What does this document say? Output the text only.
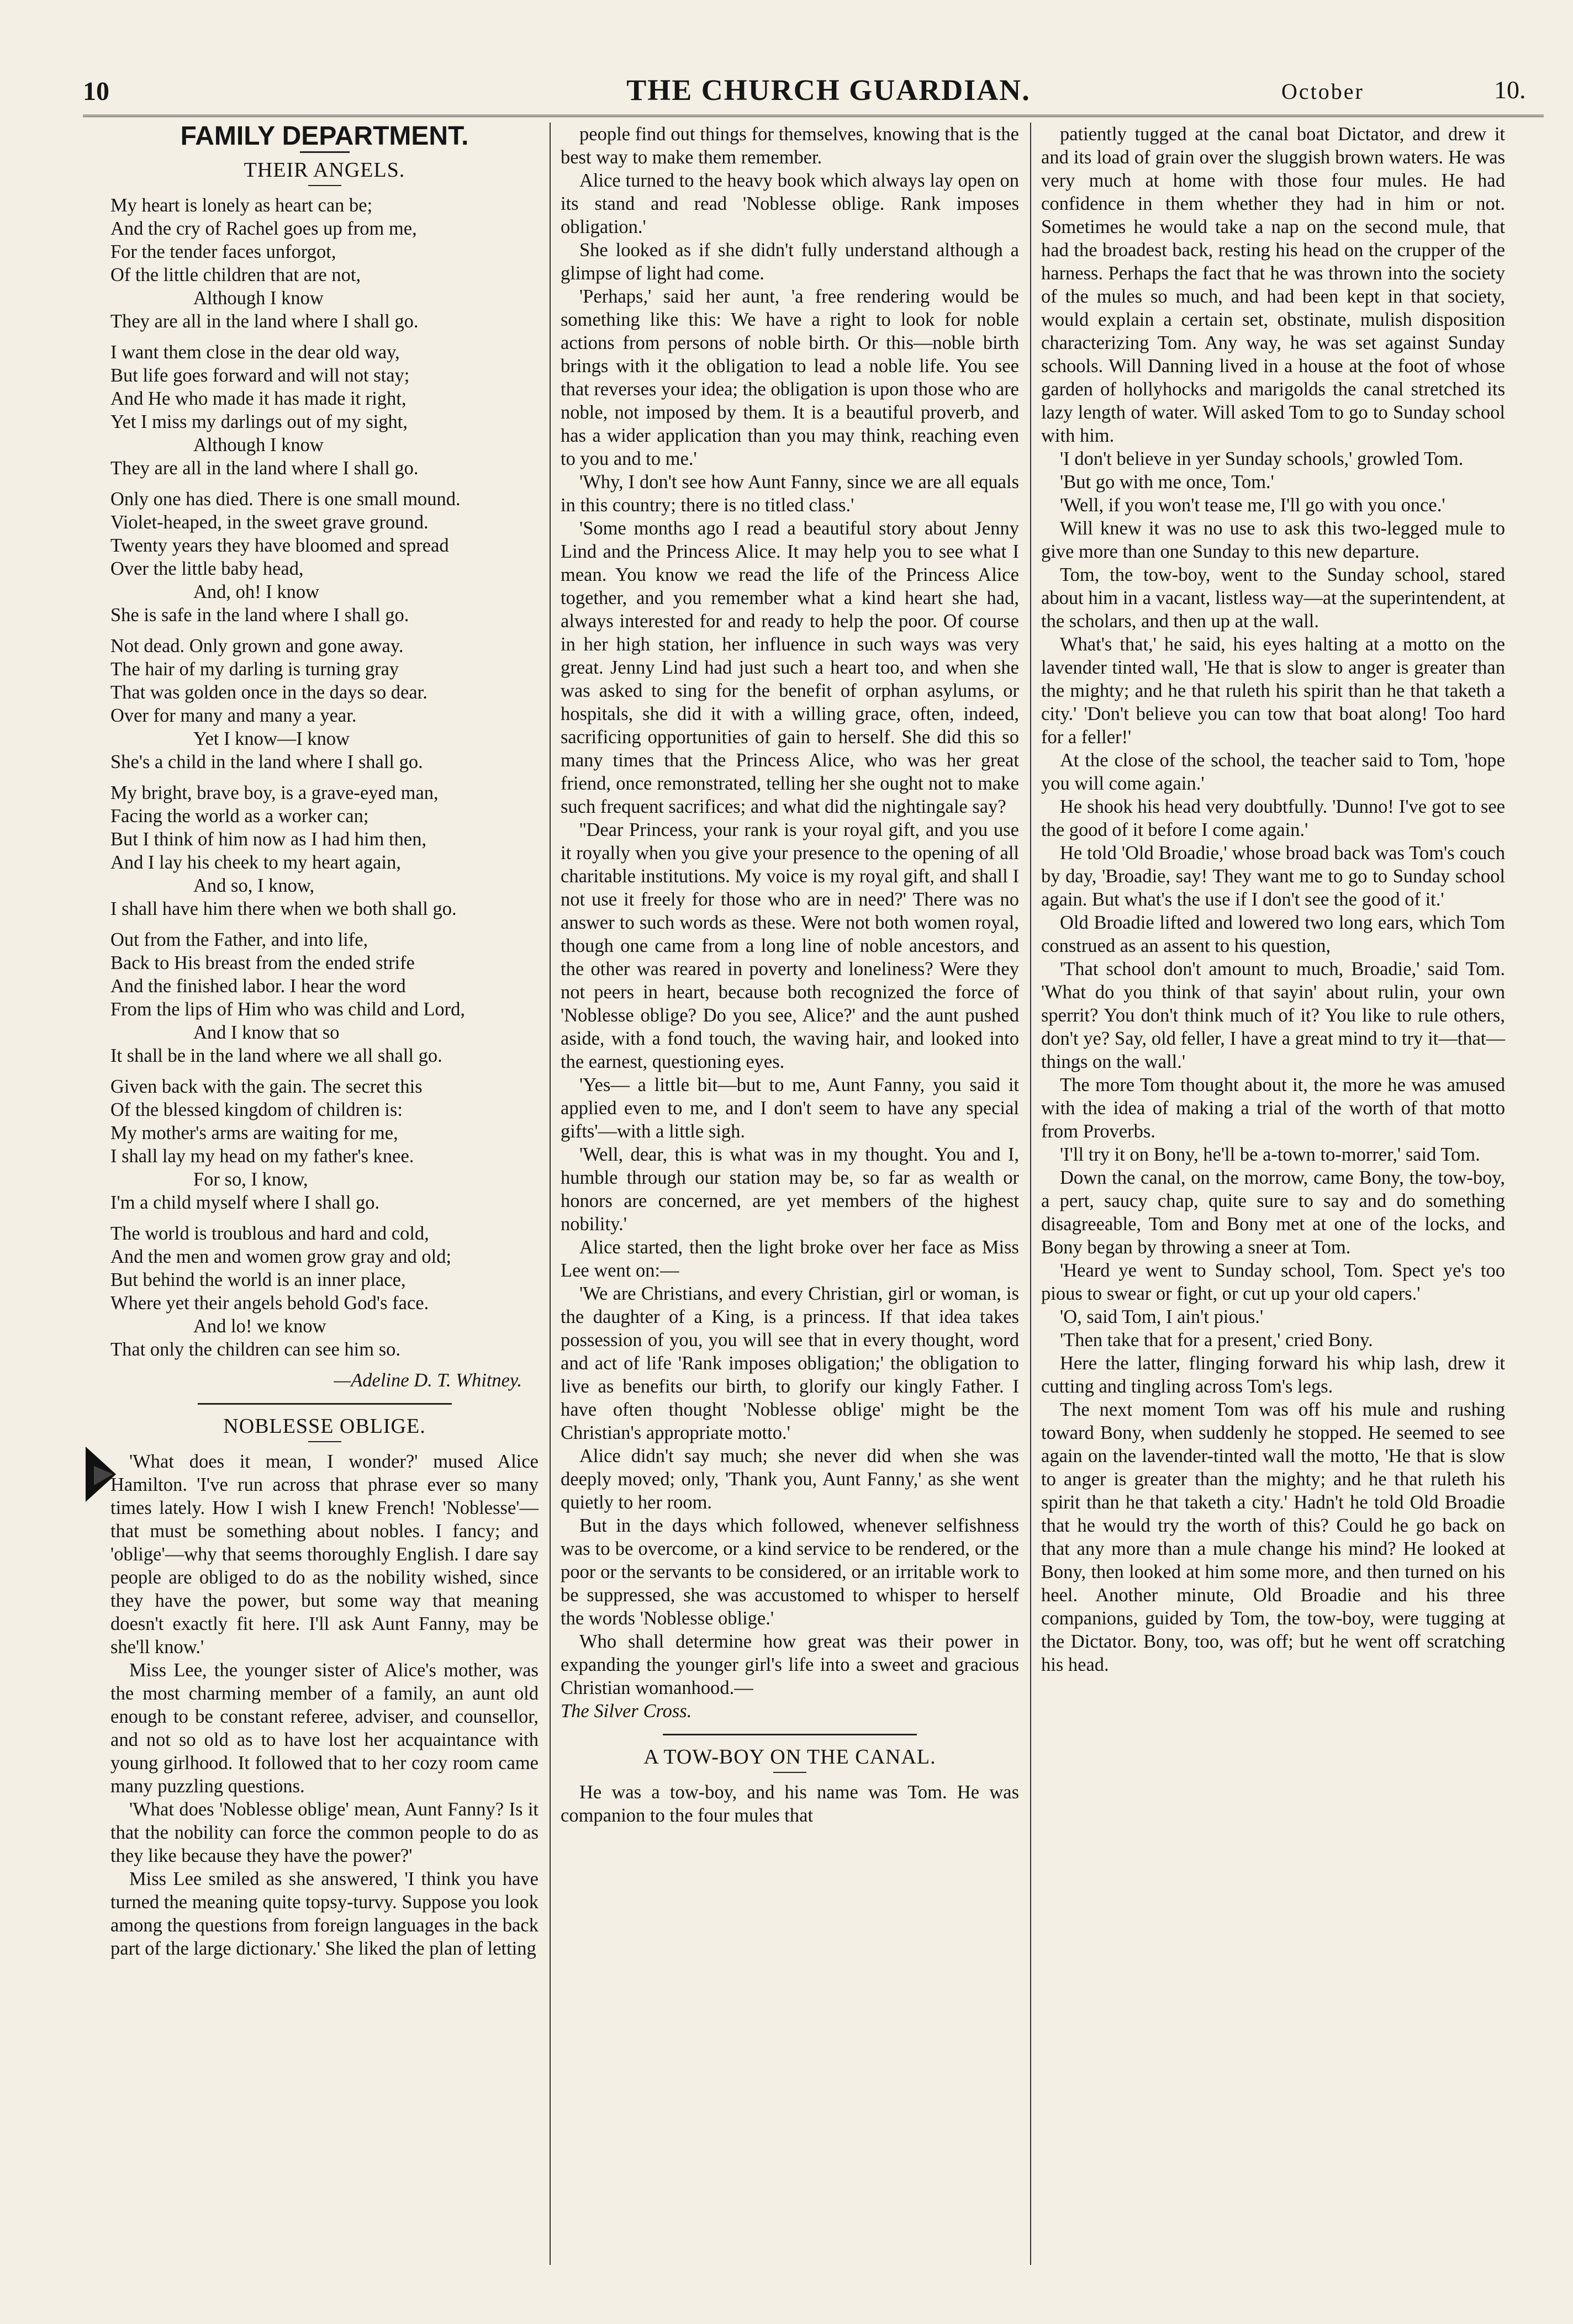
10	THE CHURCH GUARDIAN.	October	10.
FAMILY DEPARTMENT.
THEIR ANGELS.
My heart is lonely as heart can be;
And the cry of Rachel goes up from me,
For the tender faces unforgot,
Of the little children that are not,
Although I know
They are all in the land where I shall go.
I want them close in the dear old way,
But life goes forward and will not stay;
And He who made it has made it right,
Yet I miss my darlings out of my sight,
Although I know
They are all in the land where I shall go.
Only one has died. There is one small mound.
Violet-heaped, in the sweet grave ground.
Twenty years they have bloomed and spread
Over the little baby head,
And, oh! I know
She is safe in the land where I shall go.
Not dead. Only grown and gone away.
The hair of my darling is turning gray
That was golden once in the days so dear.
Over for many and many a year.
Yet I know—I know
She's a child in the land where I shall go.
My bright, brave boy, is a grave-eyed man,
Facing the world as a worker can;
But I think of him now as I had him then,
And I lay his cheek to my heart again,
And so, I know,
I shall have him there when we both shall go.
Out from the Father, and into life,
Back to His breast from the ended strife
And the finished labor. I hear the word
From the lips of Him who was child and Lord,
And I know that so
It shall be in the land where we all shall go.
Given back with the gain. The secret this
Of the blessed kingdom of children is:
My mother's arms are waiting for me,
I shall lay my head on my father's knee.
For so, I know,
I'm a child myself where I shall go.
The world is troublous and hard and cold,
And the men and women grow gray and old;
But behind the world is an inner place,
Where yet their angels behold God's face.
And lo! we know
That only the children can see him so.
—Adeline D. T. Whitney.
NOBLESSE OBLIGE.

'What does it mean, I wonder?' mused Alice Hamilton. 'I've run across that phrase ever so many times lately. How I wish I knew French! 'Noblesse'—that must be something about nobles. I fancy; and 'oblige'—why that seems thoroughly English. I dare say people are obliged to do as the nobility wished, since they have the power, but some way that meaning doesn't exactly fit here. I'll ask Aunt Fanny, may be she'll know.'

Miss Lee, the younger sister of Alice's mother, was the most charming member of a family, an aunt old enough to be constant referee, adviser, and counsellor, and not so old as to have lost her acquaintance with young girlhood. It followed that to her cozy room came many puzzling questions.

'What does 'Noblesse oblige' mean, Aunt Fanny? Is it that the nobility can force the common people to do as they like because they have the power?'

Miss Lee smiled as she answered, 'I think you have turned the meaning quite topsy-turvy. Suppose you look among the questions from foreign languages in the back part of the large dictionary.' She liked the plan of letting

people find out things for themselves, knowing that is the best way to make them remember.

Alice turned to the heavy book which always lay open on its stand and read 'Noblesse oblige. Rank imposes obligation.'

She looked as if she didn't fully understand although a glimpse of light had come.

'Perhaps,' said her aunt, 'a free rendering would be something like this: We have a right to look for noble actions from persons of noble birth. Or this—noble birth brings with it the obligation to lead a noble life. You see that reverses your idea; the obligation is upon those who are noble, not imposed by them. It is a beautiful proverb, and has a wider application than you may think, reaching even to you and to me.'

'Why, I don't see how Aunt Fanny, since we are all equals in this country; there is no titled class.'

'Some months ago I read a beautiful story about Jenny Lind and the Princess Alice. It may help you to see what I mean. You know we read the life of the Princess Alice together, and you remember what a kind heart she had, always interested for and ready to help the poor. Of course in her high station, her influence in such ways was very great. Jenny Lind had just such a heart too, and when she was asked to sing for the benefit of orphan asylums, or hospitals, she did it with a willing grace, often, indeed, sacrificing opportunities of gain to herself. She did this so many times that the Princess Alice, who was her great friend, once remonstrated, telling her she ought not to make such frequent sacrifices; and what did the nightingale say?

''Dear Princess, your rank is your royal gift, and you use it royally when you give your presence to the opening of all charitable institutions. My voice is my royal gift, and shall I not use it freely for those who are in need?' There was no answer to such words as these. Were not both women royal, though one came from a long line of noble ancestors, and the other was reared in poverty and loneliness? Were they not peers in heart, because both recognized the force of 'Noblesse oblige? Do you see, Alice?' and the aunt pushed aside, with a fond touch, the waving hair, and looked into the earnest, questioning eyes.

'Yes— a little bit—but to me, Aunt Fanny, you said it applied even to me, and I don't seem to have any special gifts'—with a little sigh.

'Well, dear, this is what was in my thought. You and I, humble through our station may be, so far as wealth or honors are concerned, are yet members of the highest nobility.'

Alice started, then the light broke over her face as Miss Lee went on:—

'We are Christians, and every Christian, girl or woman, is the daughter of a King, is a princess. If that idea takes possession of you, you will see that in every thought, word and act of life 'Rank imposes obligation;' the obligation to live as benefits our birth, to glorify our kingly Father. I have often thought 'Noblesse oblige' might be the Christian's appropriate motto.'

Alice didn't say much; she never did when she was deeply moved; only, 'Thank you, Aunt Fanny,' as she went quietly to her room.

But in the days which followed, whenever selfishness was to be overcome, or a kind service to be rendered, or the poor or the servants to be considered, or an irritable work to be suppressed, she was accustomed to whisper to herself the words 'Noblesse oblige.'

Who shall determine how great was their power in expanding the younger girl's life into a sweet and gracious Christian womanhood.—

The Silver Cross.
A TOW-BOY ON THE CANAL.

He was a tow-boy, and his name was Tom. He was companion to the four mules that

patiently tugged at the canal boat Dictator, and drew it and its load of grain over the sluggish brown waters. He was very much at home with those four mules. He had confidence in them whether they had in him or not. Sometimes he would take a nap on the second mule, that had the broadest back, resting his head on the crupper of the harness. Perhaps the fact that he was thrown into the society of the mules so much, and had been kept in that society, would explain a certain set, obstinate, mulish disposition characterizing Tom. Any way, he was set against Sunday schools. Will Danning lived in a house at the foot of whose garden of hollyhocks and marigolds the canal stretched its lazy length of water. Will asked Tom to go to Sunday school with him.

'I don't believe in yer Sunday schools,' growled Tom.

'But go with me once, Tom.'

'Well, if you won't tease me, I'll go with you once.'

Will knew it was no use to ask this two-legged mule to give more than one Sunday to this new departure.

Tom, the tow-boy, went to the Sunday school, stared about him in a vacant, listless way—at the superintendent, at the scholars, and then up at the wall.

What's that,' he said, his eyes halting at a motto on the lavender tinted wall, 'He that is slow to anger is greater than the mighty; and he that ruleth his spirit than he that taketh a city.' 'Don't believe you can tow that boat along! Too hard for a feller!'

At the close of the school, the teacher said to Tom, 'hope you will come again.'

He shook his head very doubtfully. 'Dunno! I've got to see the good of it before I come again.'

He told 'Old Broadie,' whose broad back was Tom's couch by day, 'Broadie, say! They want me to go to Sunday school again. But what's the use if I don't see the good of it.'

Old Broadie lifted and lowered two long ears, which Tom construed as an assent to his question,

'That school don't amount to much, Broadie,' said Tom. 'What do you think of that sayin' about rulin, your own sperrit? You don't think much of it? You like to rule others, don't ye? Say, old feller, I have a great mind to try it—that—things on the wall.'

The more Tom thought about it, the more he was amused with the idea of making a trial of the worth of that motto from Proverbs.

'I'll try it on Bony, he'll be a-town to-morrer,' said Tom.

Down the canal, on the morrow, came Bony, the tow-boy, a pert, saucy chap, quite sure to say and do something disagreeable, Tom and Bony met at one of the locks, and Bony began by throwing a sneer at Tom.

'Heard ye went to Sunday school, Tom. Spect ye's too pious to swear or fight, or cut up your old capers.'

'O, said Tom, I ain't pious.'

'Then take that for a present,' cried Bony.

Here the latter, flinging forward his whip lash, drew it cutting and tingling across Tom's legs.

The next moment Tom was off his mule and rushing toward Bony, when suddenly he stopped. He seemed to see again on the lavender-tinted wall the motto, 'He that is slow to anger is greater than the mighty; and he that ruleth his spirit than he that taketh a city.' Hadn't he told Old Broadie that he would try the worth of this? Could he go back on that any more than a mule change his mind? He looked at Bony, then looked at him some more, and then turned on his heel. Another minute, Old Broadie and his three companions, guided by Tom, the tow-boy, were tugging at the Dictator. Bony, too, was off; but he went off scratching his head.
